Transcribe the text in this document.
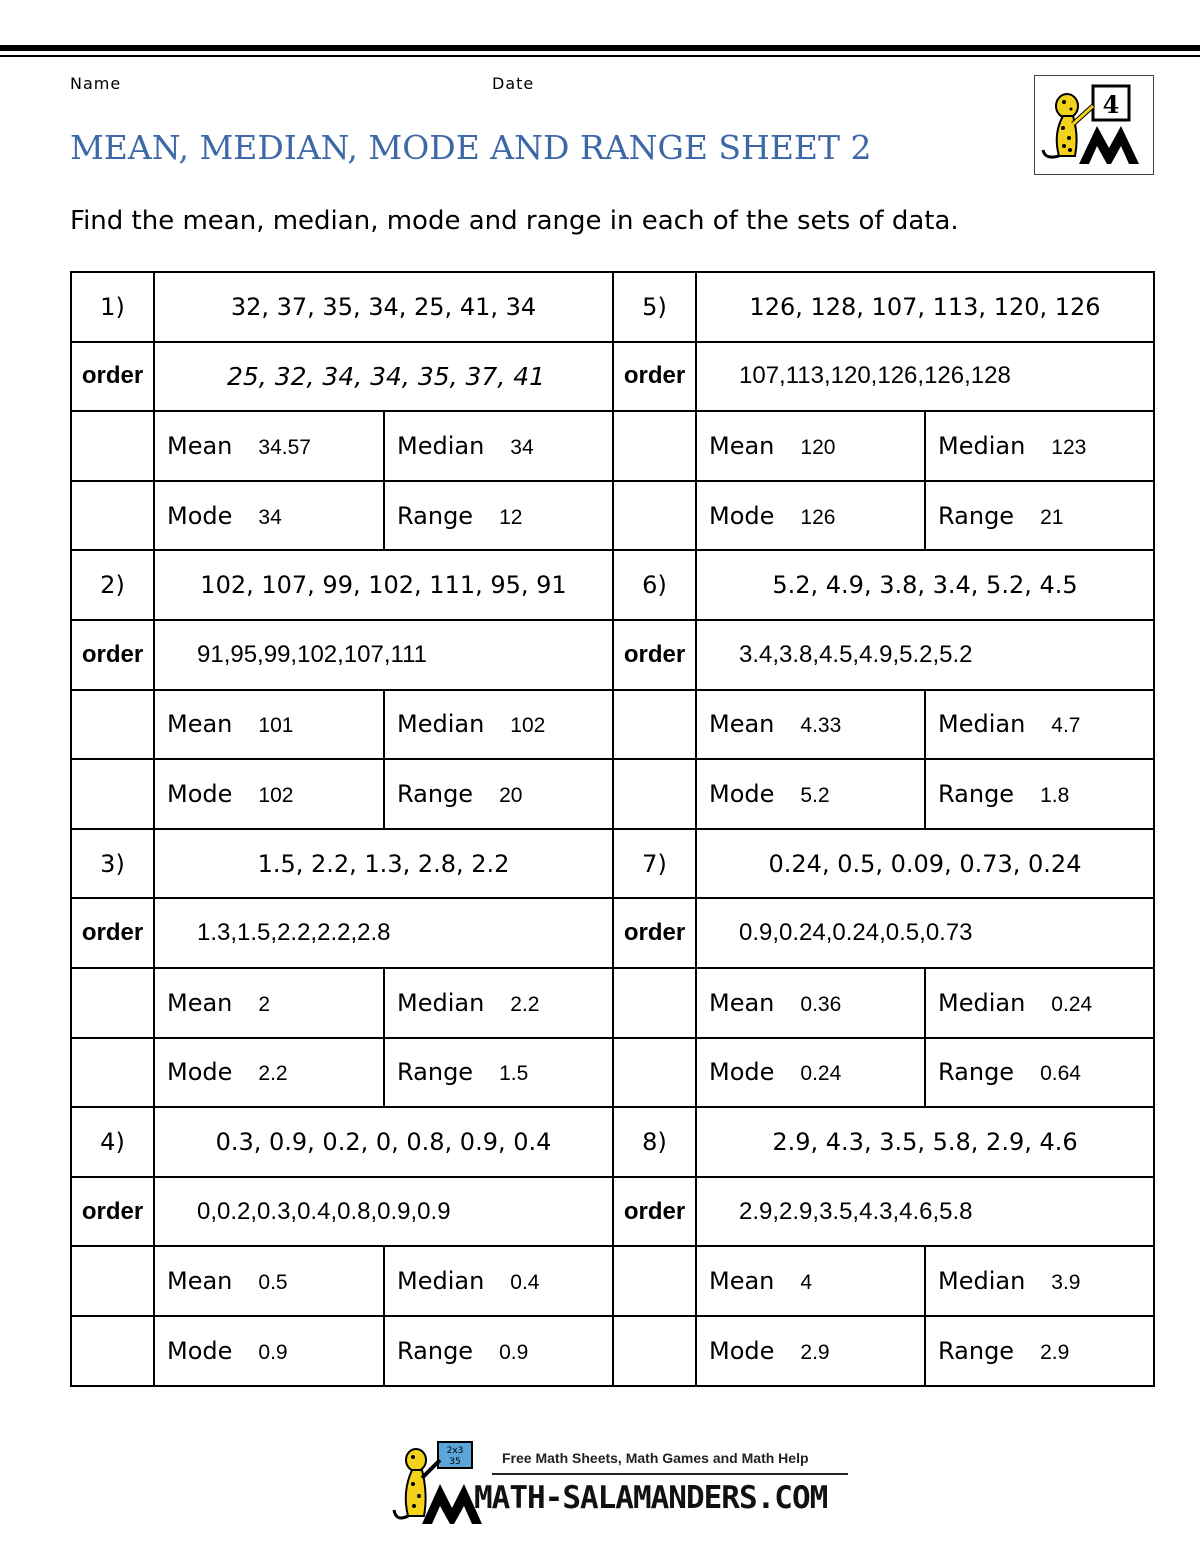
Name	Date
MEAN, MEDIAN, MODE AND RANGE SHEET 2
4
Find the mean, median, mode and range in each of the sets of data.
1)	32, 37, 35, 34, 25, 41, 34		5)	126, 128, 107, 113, 120, 126	
order	25, 32, 34, 34, 35, 37, 41		order	107,113,120,126,126,128	
	Mean 34.57	Median 34		Mean 120	Median 123
	Mode 34	Range 12		Mode 126	Range 21
2)	102, 107, 99, 102, 111, 95, 91		6)	5.2, 4.9, 3.8, 3.4, 5.2, 4.5	
order	91,95,99,102,107,111		order	3.4,3.8,4.5,4.9,5.2,5.2	
	Mean 101	Median 102		Mean 4.33	Median 4.7
	Mode 102	Range 20		Mode 5.2	Range 1.8
3)	1.5, 2.2, 1.3, 2.8, 2.2		7)	0.24, 0.5, 0.09, 0.73, 0.24	
order	1.3,1.5,2.2,2.2,2.8		order	0.9,0.24,0.24,0.5,0.73	
	Mean 2	Median 2.2		Mean 0.36	Median 0.24
	Mode 2.2	Range 1.5		Mode 0.24	Range 0.64
4)	0.3, 0.9, 0.2, 0, 0.8, 0.9, 0.4		8)	2.9, 4.3, 3.5, 5.8, 2.9, 4.6	
order	0,0.2,0.3,0.4,0.8,0.9,0.9		order	2.9,2.9,3.5,4.3,4.6,5.8	
	Mean 0.5	Median 0.4		Mean 4	Median 3.9
	Mode 0.9	Range 0.9		Mode 2.9	Range 2.9
2x3
35	Free Math Sheets, Math Games and Math Help
MATH-SALAMANDERS.COM
